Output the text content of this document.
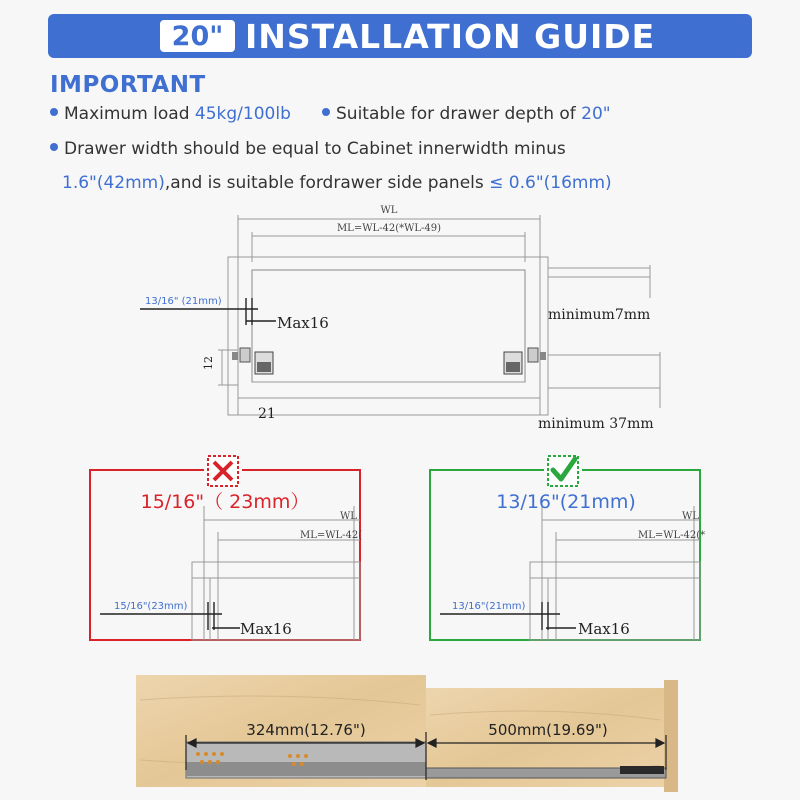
20" INSTALLATION GUIDE
IMPORTANT
Maximum load 45kg/100lb	Suitable for drawer depth of 20"
Drawer width should be equal to Cabinet innerwidth minus
1.6"(42mm),and is suitable fordrawer side panels ≤ 0.6"(16mm)
WL
ML=WL-42(*WL-49)
13/16" (21mm)
Max16	minimum7mm
12
21
minimum 37mm
15/16"（ 23mm）
WL
ML=WL-42(
15/16"(23mm)
Max16
13/16"(21mm)
WL
ML=WL-42(*
13/16"(21mm)
Max16
324mm(12.76")	500mm(19.69")
